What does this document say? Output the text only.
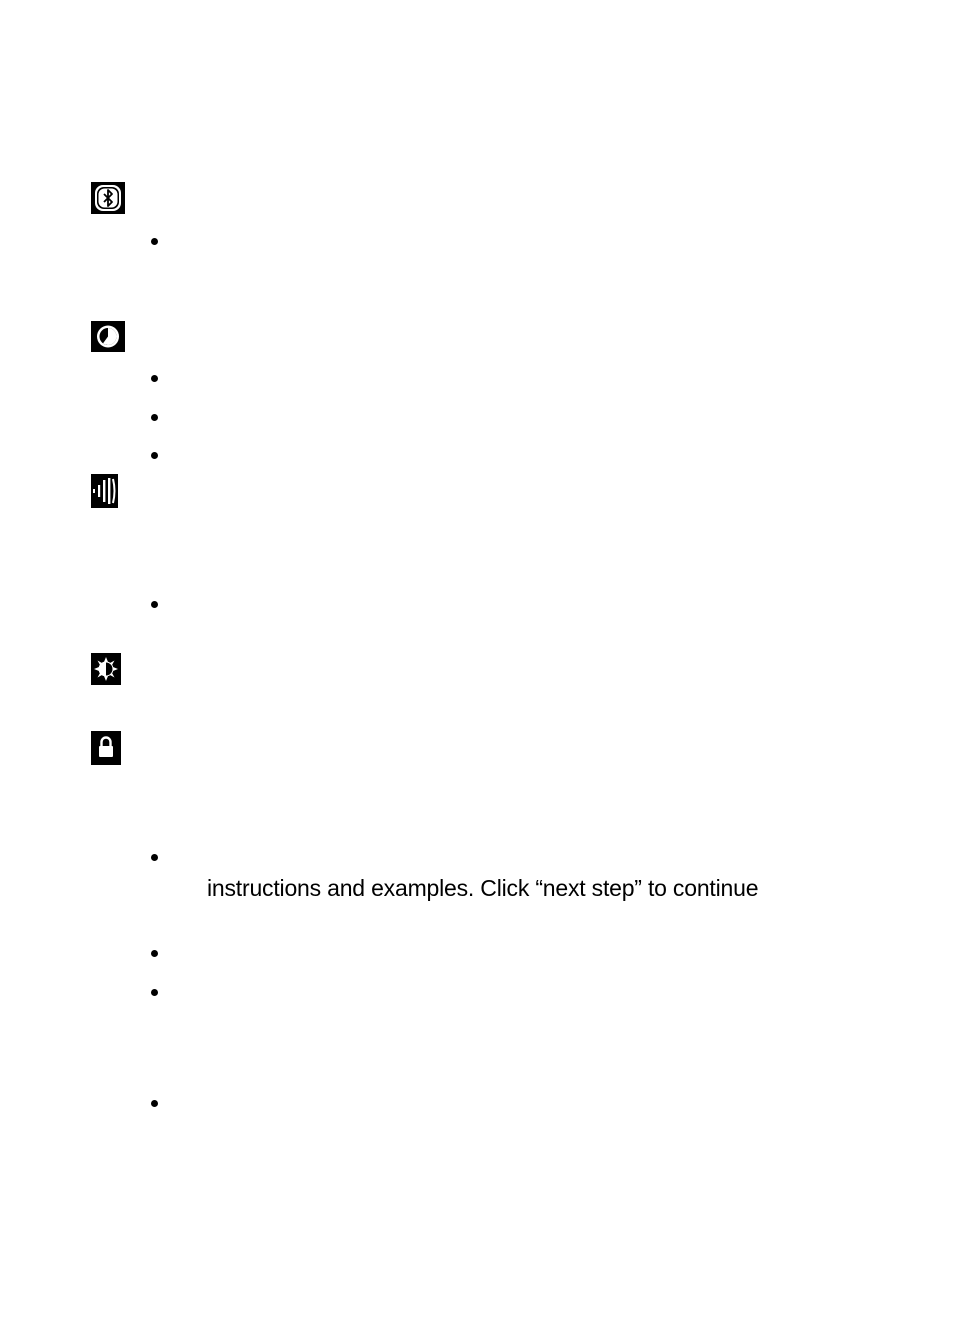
instructions and examples. Click “next step” to continue
